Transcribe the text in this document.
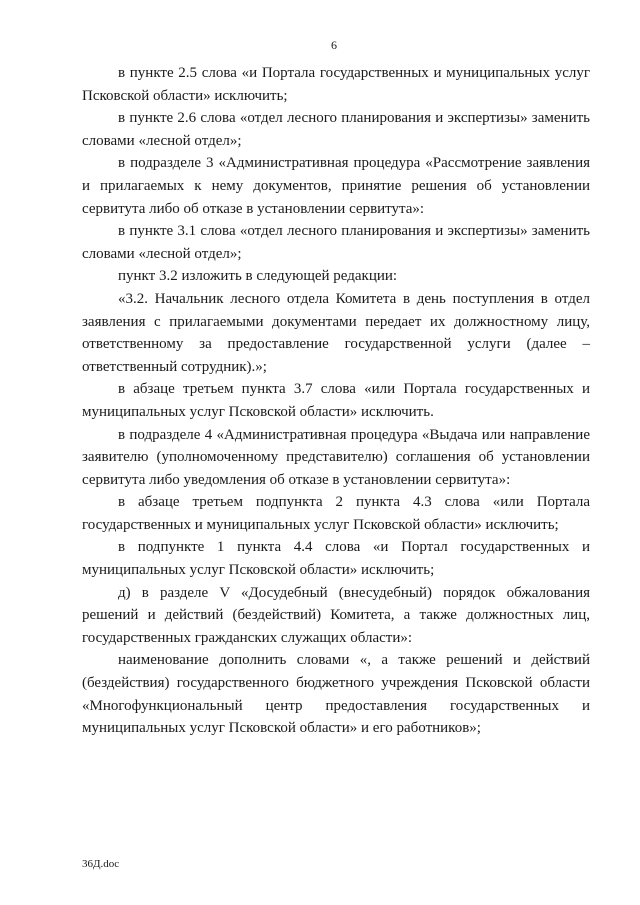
6

в пункте 2.5 слова «и Портала государственных и муниципальных услуг Псковской области» исключить;

в пункте 2.6 слова «отдел лесного планирования и экспертизы» заменить словами «лесной отдел»;

в подразделе 3 «Административная процедура «Рассмотрение заявления и прилагаемых к нему документов, принятие решения об установлении сервитута либо об отказе в установлении сервитута»:

в пункте 3.1 слова «отдел лесного планирования и экспертизы» заменить словами «лесной отдел»;

пункт 3.2 изложить в следующей редакции:

«3.2. Начальник лесного отдела Комитета в день поступления в отдел заявления с прилагаемыми документами передает их должностному лицу, ответственному за предоставление государственной услуги (далее – ответственный сотрудник).»;

в абзаце третьем пункта 3.7 слова «или Портала государственных и муниципальных услуг Псковской области» исключить.

в подразделе 4 «Административная процедура «Выдача или направление заявителю (уполномоченному представителю) соглашения об установлении сервитута либо уведомления об отказе в установлении сервитута»:

в абзаце третьем подпункта 2 пункта 4.3 слова «или Портала государственных и муниципальных услуг Псковской области» исключить;

в подпункте 1 пункта 4.4 слова «и Портал государственных и муниципальных услуг Псковской области» исключить;

д) в разделе V «Досудебный (внесудебный) порядок обжалования решений и действий (бездействий) Комитета, а также должностных лиц, государственных гражданских служащих области»:

наименование дополнить словами «, а также решений и действий (бездействия) государственного бюджетного учреждения Псковской области «Многофункциональный центр предоставления государственных и муниципальных услуг Псковской области» и его работников»;

36Д.doc
